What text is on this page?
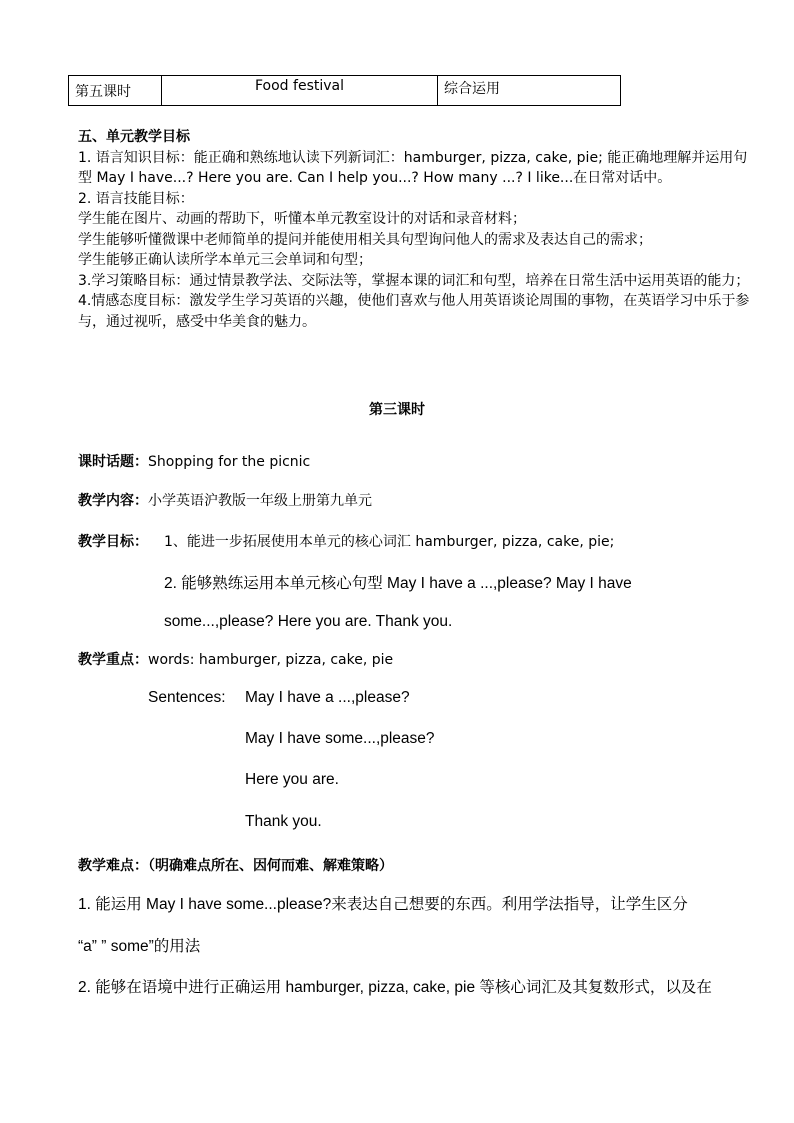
第五课时	Food festival	综合运用

五、单元教学目标

1. 语言知识目标：能正确和熟练地认读下列新词汇：hamburger, pizza, cake, pie; 能正确地理解并运用句型 May I have...? Here you are. Can I help you...? How many ...? I like...在日常对话中。

2. 语言技能目标：

学生能在图片、动画的帮助下，听懂本单元教室设计的对话和录音材料；

学生能够听懂微课中老师简单的提问并能使用相关具句型询问他人的需求及表达自己的需求；

学生能够正确认读所学本单元三会单词和句型；

3.学习策略目标：通过情景教学法、交际法等，掌握本课的词汇和句型，培养在日常生活中运用英语的能力；

4.情感态度目标：激发学生学习英语的兴趣，使他们喜欢与他人用英语谈论周围的事物，在英语学习中乐于参与，通过视听，感受中华美食的魅力。

第三课时
课时话题：Shopping for the picnic
教学内容：小学英语沪教版一年级上册第九单元
教学目标： 1、能进一步拓展使用本单元的核心词汇 hamburger, pizza, cake, pie;
2. 能够熟练运用本单元核心句型 May I have a ...,please? May I have
some...,please? Here you are. Thank you.
教学重点：words: hamburger, pizza, cake, pie
Sentences: May I have a ...,please?
May I have some...,please?
Here you are.
Thank you.
教学难点：（明确难点所在、因何而难、解难策略）
1. 能运用 May I have some...please?来表达自己想要的东西。利用学法指导，让学生区分
“a” ” some”的用法
2. 能够在语境中进行正确运用 hamburger, pizza, cake, pie 等核心词汇及其复数形式，以及在
